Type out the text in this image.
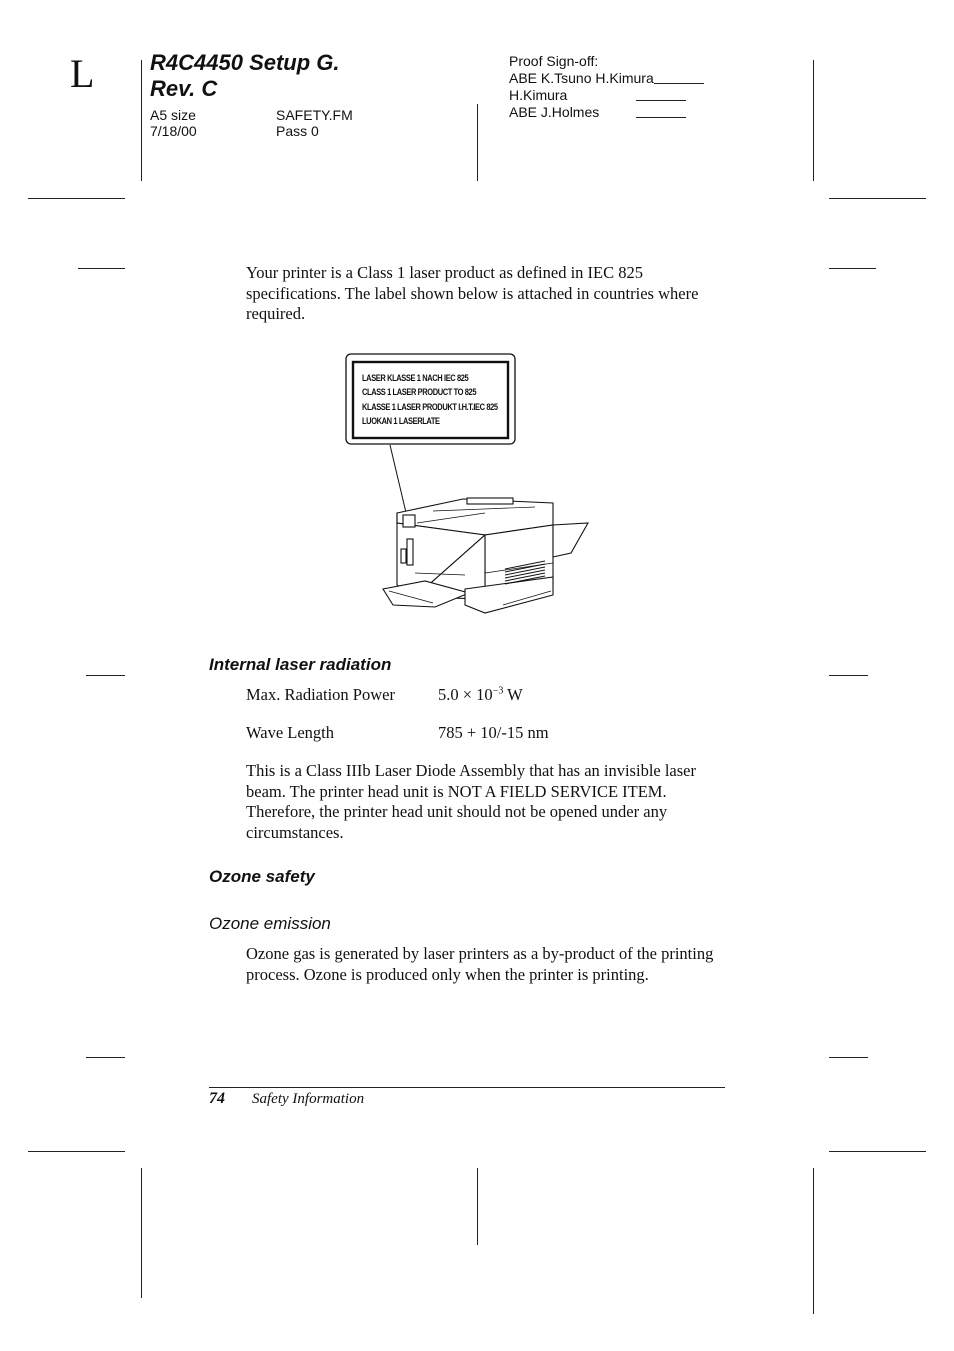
L	R4C4450 Setup G.
Rev. C
A5 size	SAFETY.FM
7/18/00	Pass 0
Proof Sign-off:
ABE K.Tsuno H.Kimura
H.Kimura
ABE J.Holmes
Your printer is a Class 1 laser product as defined in IEC 825 specifications. The label shown below is attached in countries where required.
LASER KLASSE 1 NACH IEC 825
CLASS 1 LASER PRODUCT TO 825
KLASSE 1 LASER PRODUKT I.H.T.IEC 825
LUOKAN 1 LASERLATE
Internal laser radiation
Max. Radiation Power	$5.0 \times 10^{-3}$ W
Wave Length	785 + 10/-15 nm
This is a Class IIIb Laser Diode Assembly that has an invisible laser beam. The printer head unit is NOT A FIELD SERVICE ITEM. Therefore, the printer head unit should not be opened under any circumstances.
Ozone safety
Ozone emission
Ozone gas is generated by laser printers as a by-product of the printing process. Ozone is produced only when the printer is printing.
74 Safety Information
